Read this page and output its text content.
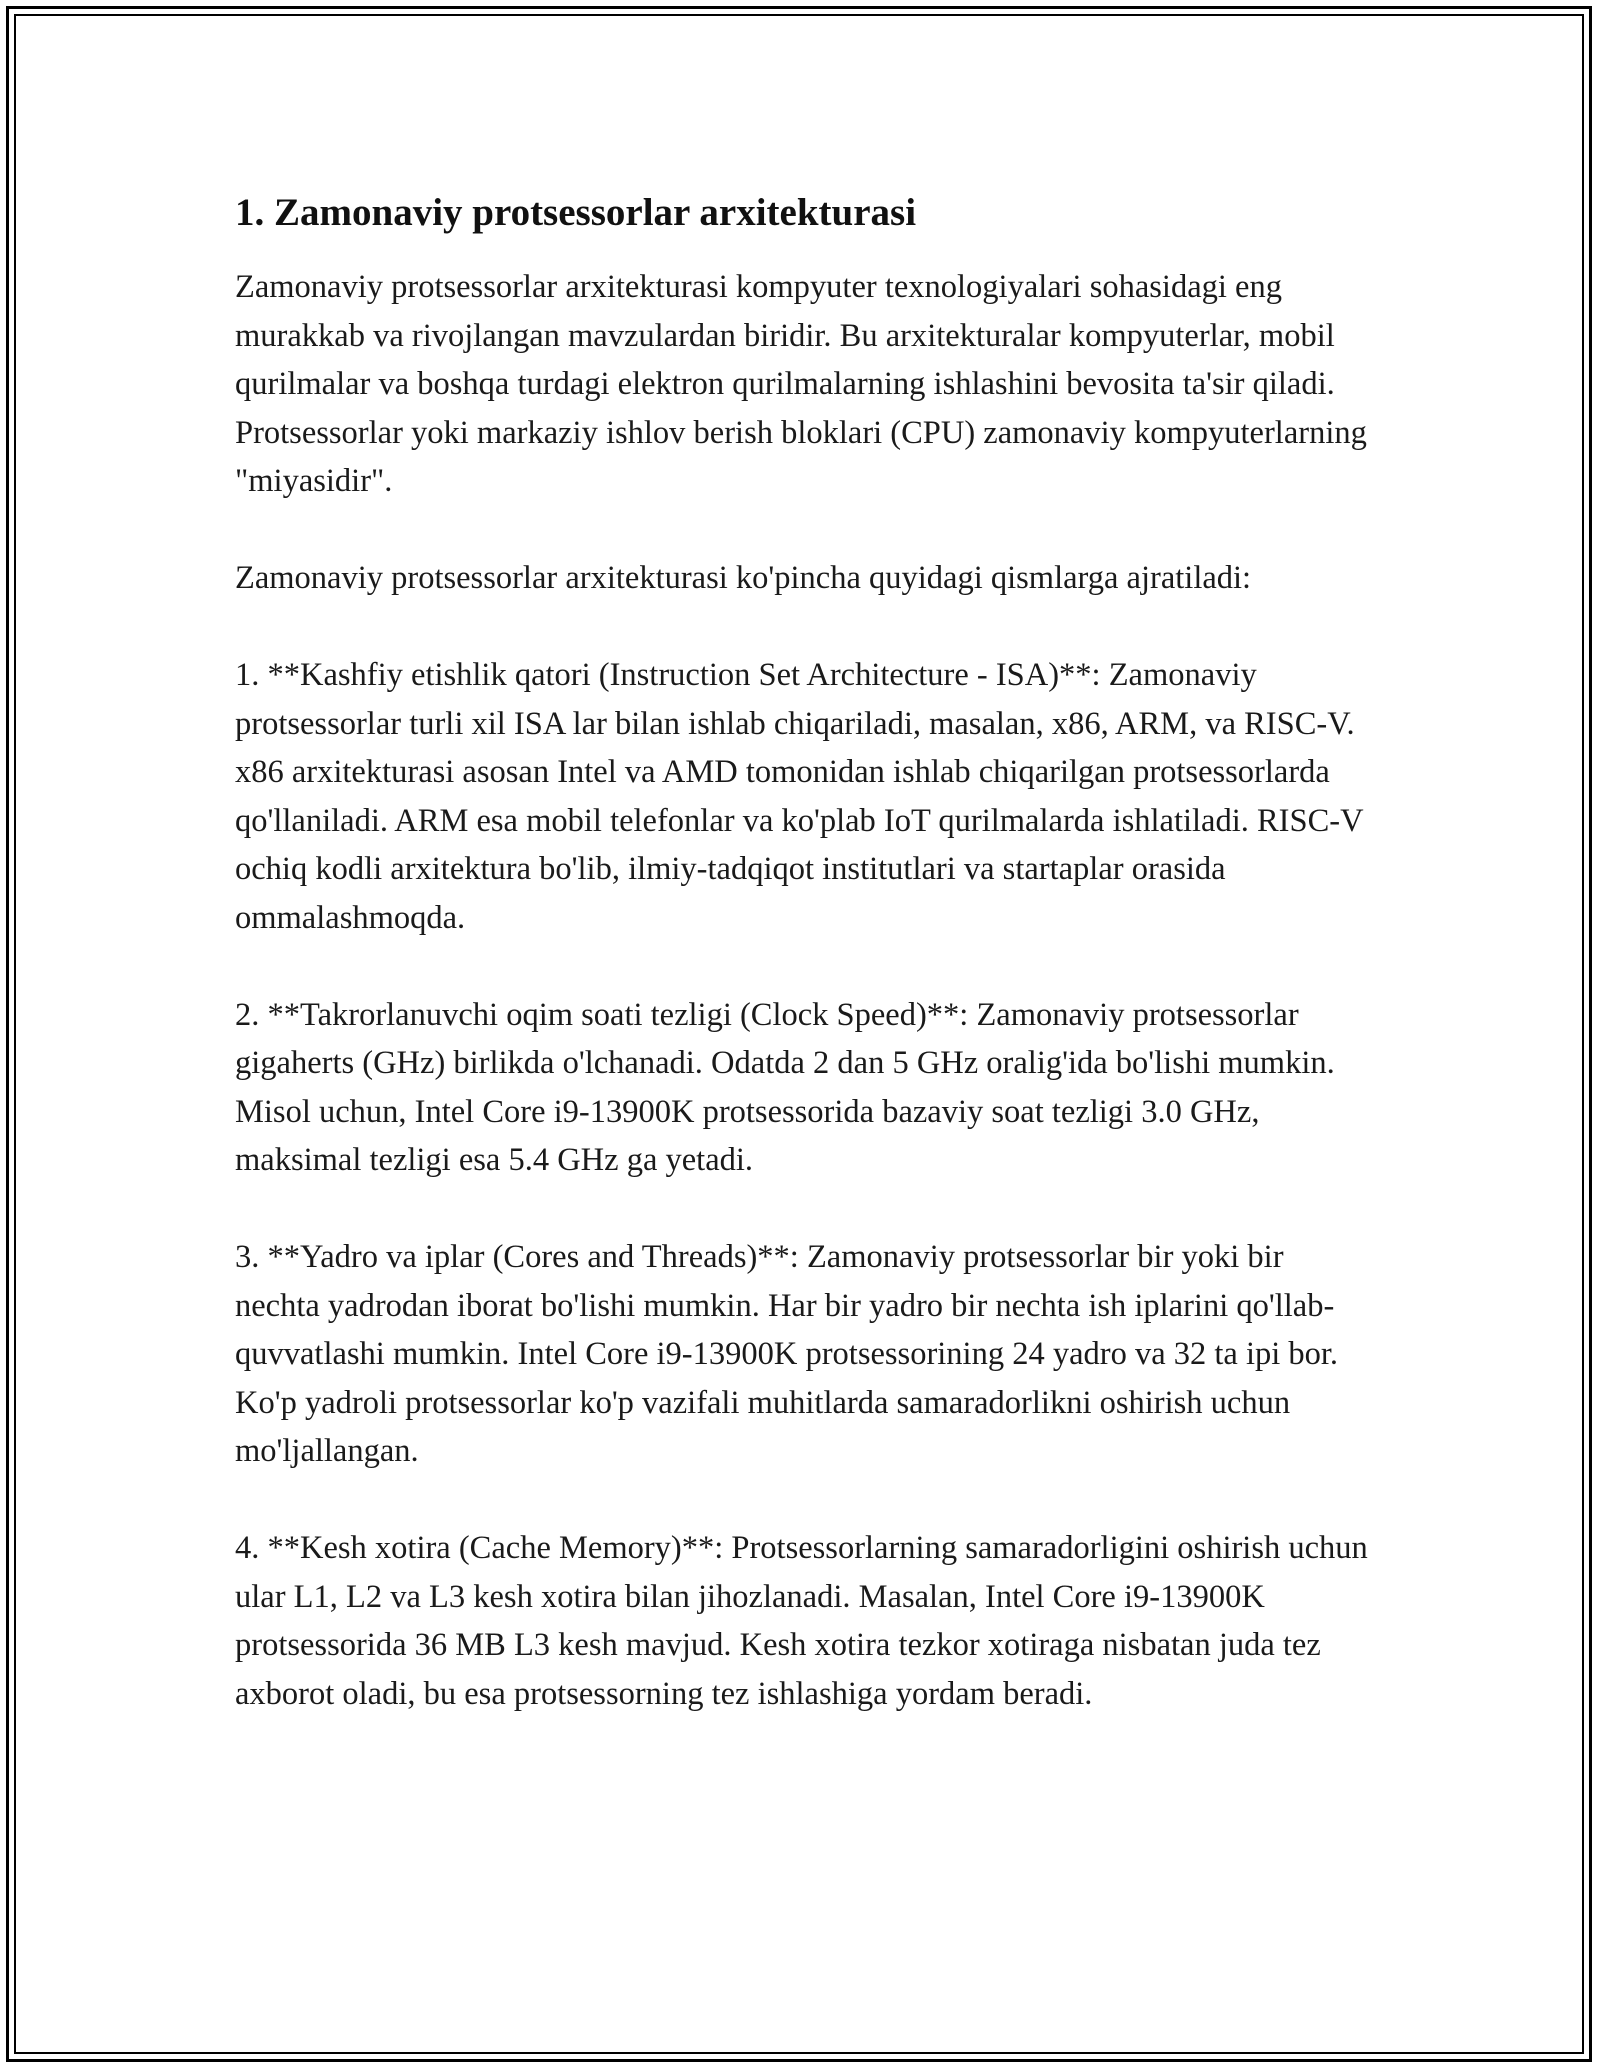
1. Zamonaviy protsessorlar arxitekturasi

Zamonaviy protsessorlar arxitekturasi kompyuter texnologiyalari sohasidagi eng murakkab va rivojlangan mavzulardan biridir. Bu arxitekturalar kompyuterlar, mobil qurilmalar va boshqa turdagi elektron qurilmalarning ishlashini bevosita ta'sir qiladi. Protsessorlar yoki markaziy ishlov berish bloklari (CPU) zamonaviy kompyuterlarning "miyasidir".

Zamonaviy protsessorlar arxitekturasi ko'pincha quyidagi qismlarga ajratiladi:

1. **Kashfiy etishlik qatori (Instruction Set Architecture - ISA)**: Zamonaviy protsessorlar turli xil ISA lar bilan ishlab chiqariladi, masalan, x86, ARM, va RISC-V. x86 arxitekturasi asosan Intel va AMD tomonidan ishlab chiqarilgan protsessorlarda qo'llaniladi. ARM esa mobil telefonlar va ko'plab IoT qurilmalarda ishlatiladi. RISC-V ochiq kodli arxitektura bo'lib, ilmiy-tadqiqot institutlari va startaplar orasida ommalashmoqda.

2. **Takrorlanuvchi oqim soati tezligi (Clock Speed)**: Zamonaviy protsessorlar gigaherts (GHz) birlikda o'lchanadi. Odatda 2 dan 5 GHz oralig'ida bo'lishi mumkin. Misol uchun, Intel Core i9-13900K protsessorida bazaviy soat tezligi 3.0 GHz, maksimal tezligi esa 5.4 GHz ga yetadi.

3. **Yadro va iplar (Cores and Threads)**: Zamonaviy protsessorlar bir yoki bir nechta yadrodan iborat bo'lishi mumkin. Har bir yadro bir nechta ish iplarini qo'llab-quvvatlashi mumkin. Intel Core i9-13900K protsessorining 24 yadro va 32 ta ipi bor. Ko'p yadroli protsessorlar ko'p vazifali muhitlarda samaradorlikni oshirish uchun mo'ljallangan.

4. **Kesh xotira (Cache Memory)**: Protsessorlarning samaradorligini oshirish uchun ular L1, L2 va L3 kesh xotira bilan jihozlanadi. Masalan, Intel Core i9-13900K protsessorida 36 MB L3 kesh mavjud. Kesh xotira tezkor xotiraga nisbatan juda tez axborot oladi, bu esa protsessorning tez ishlashiga yordam beradi.
